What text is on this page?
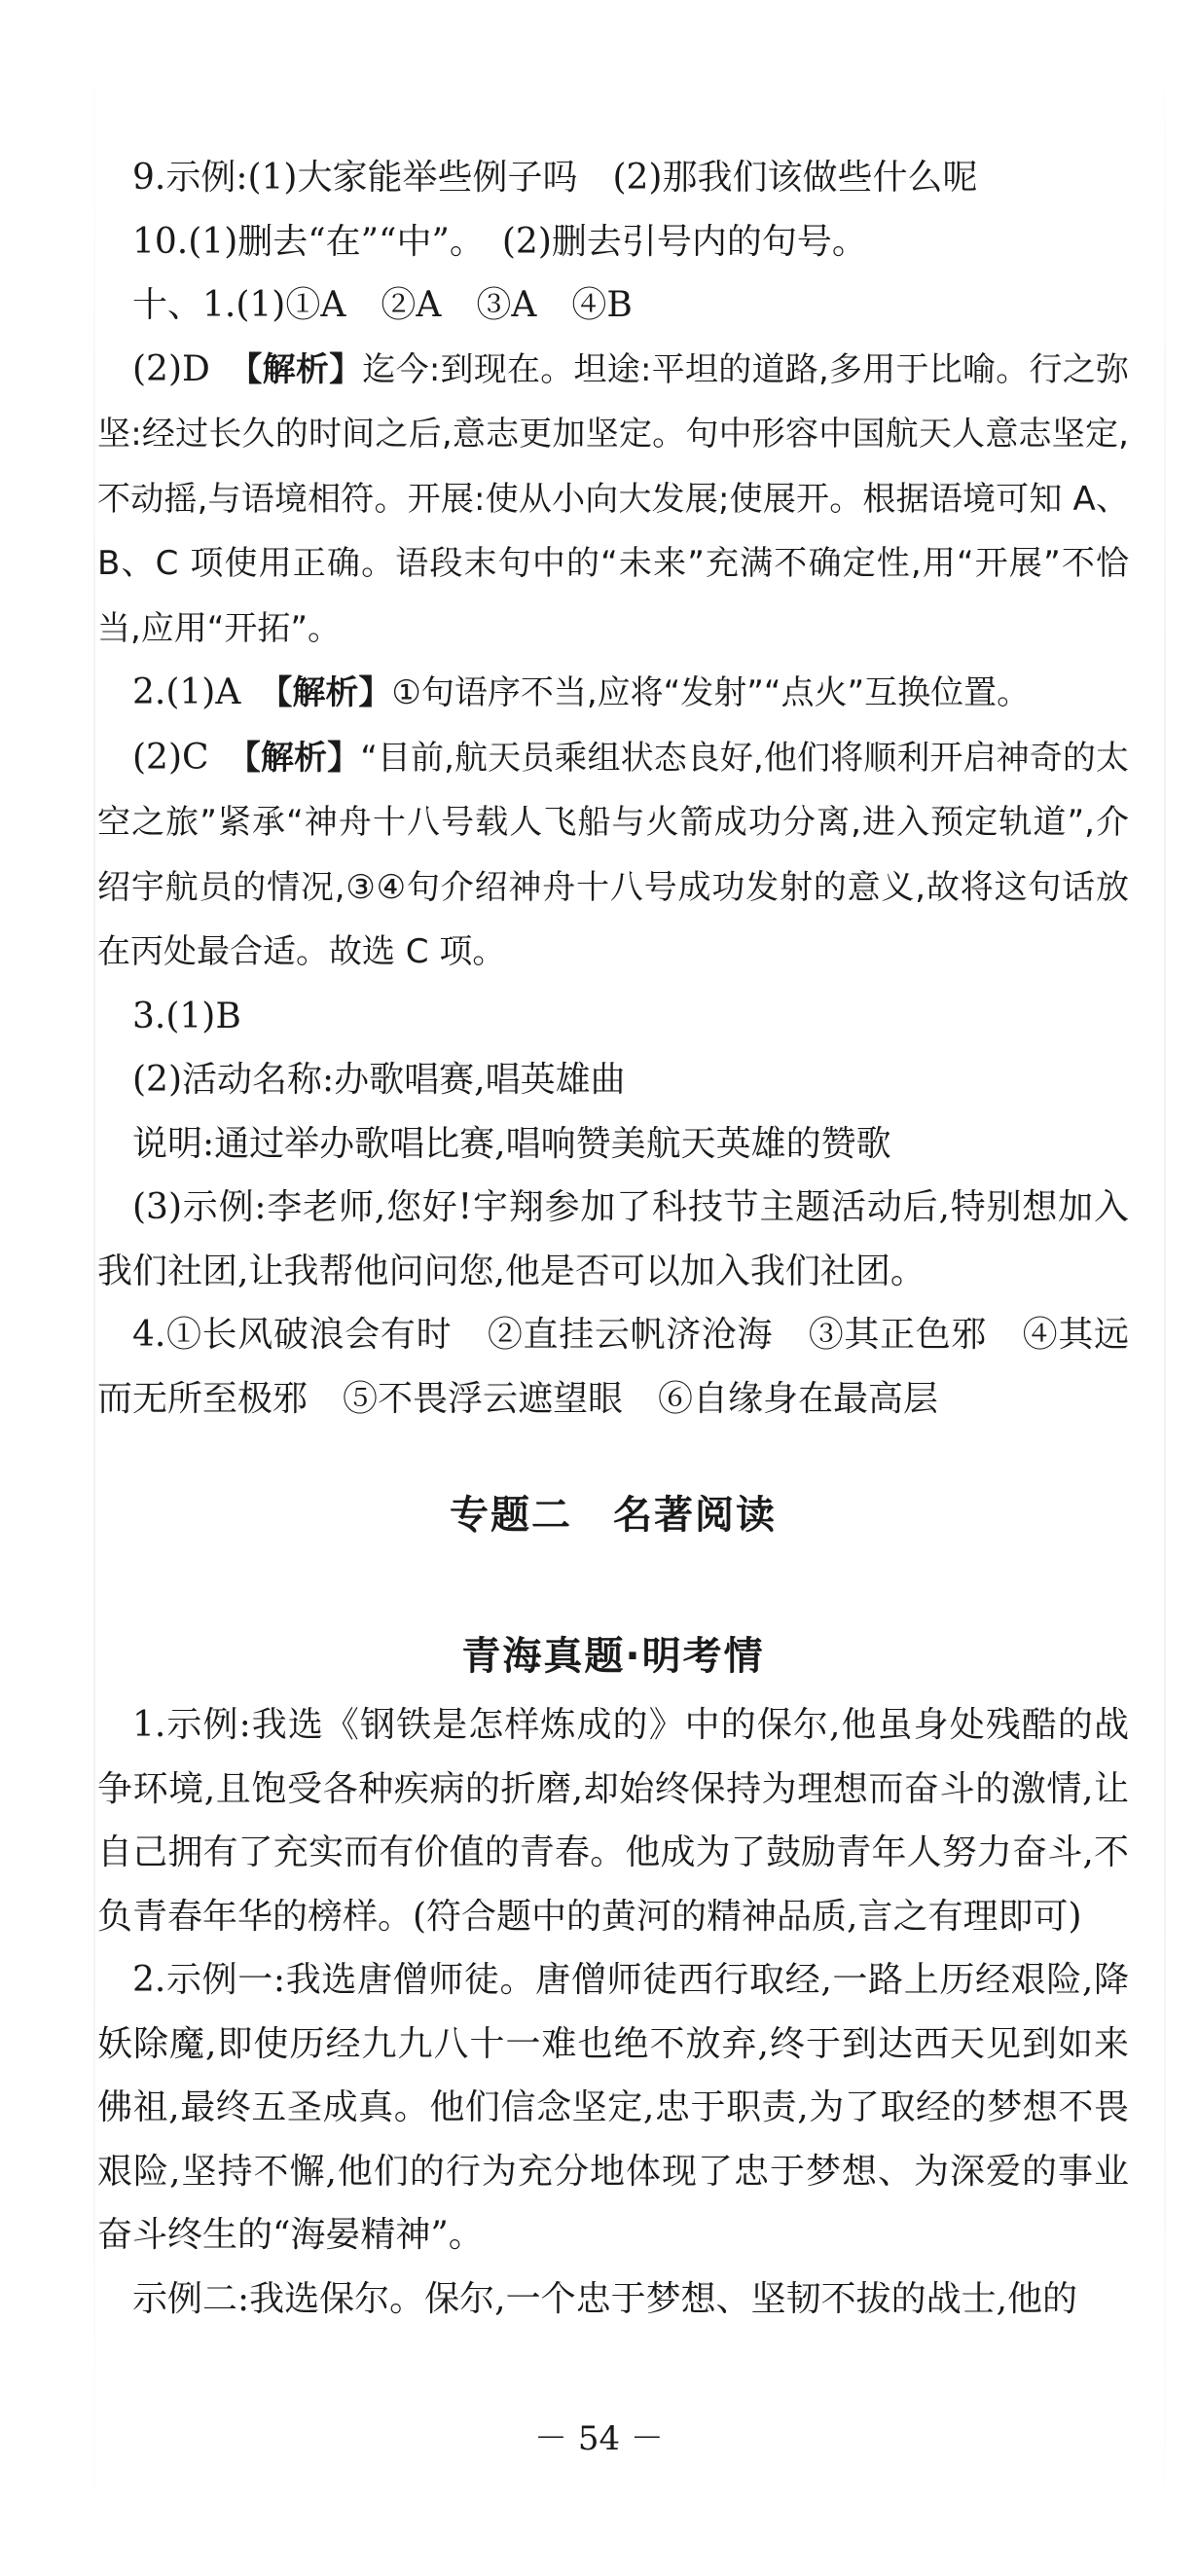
9.示例:(1)大家能举些例子吗　(2)那我们该做些什么呢

10.(1)删去“在”“中”。　(2)删去引号内的句号。

十、1.(1)①A　②A　③A　④B

(2)D　 【解析】迄今:到现在。坦途:平坦的道路,多用于比喻。行之弥坚:经过长久的时间之后,意志更加坚定。句中形容中国航天人意志坚定,不动摇,与语境相符。开展:使从小向大发展;使展开。根据语境可知 A、B、C 项使用正确。语段末句中的“未来”充满不确定性,用“开展”不恰当,应用“开拓”。

2.(1)A　 【解析】①句语序不当,应将“发射”“点火”互换位置。

(2)C　 【解析】“目前,航天员乘组状态良好,他们将顺利开启神奇的太空之旅”紧承“神舟十八号载人飞船与火箭成功分离,进入预定轨道”,介绍宇航员的情况,③④句介绍神舟十八号成功发射的意义,故将这句话放在丙处最合适。故选 C 项。

3.(1)B

(2)活动名称:办歌唱赛,唱英雄曲

说明:通过举办歌唱比赛,唱响赞美航天英雄的赞歌

(3)示例:李老师,您好!宇翔参加了科技节主题活动后,特别想加入我们社团,让我帮他问问您,他是否可以加入我们社团。

4.①长风破浪会有时　②直挂云帆济沧海　③其正色邪　④其远而无所至极邪　⑤不畏浮云遮望眼　⑥自缘身在最高层

专题二　名著阅读
青海真题·明考情

1.示例:我选《钢铁是怎样炼成的》中的保尔,他虽身处残酷的战争环境,且饱受各种疾病的折磨,却始终保持为理想而奋斗的激情,让自己拥有了充实而有价值的青春。他成为了鼓励青年人努力奋斗,不负青春年华的榜样。(符合题中的黄河的精神品质,言之有理即可)

2.示例一:我选唐僧师徒。唐僧师徒西行取经,一路上历经艰险,降妖除魔,即使历经九九八十一难也绝不放弃,终于到达西天见到如来佛祖,最终五圣成真。他们信念坚定,忠于职责,为了取经的梦想不畏艰险,坚持不懈,他们的行为充分地体现了忠于梦想、为深爱的事业奋斗终生的“海晏精神”。

示例二:我选保尔。保尔,一个忠于梦想、坚韧不拔的战士,他的

－ 54 －
